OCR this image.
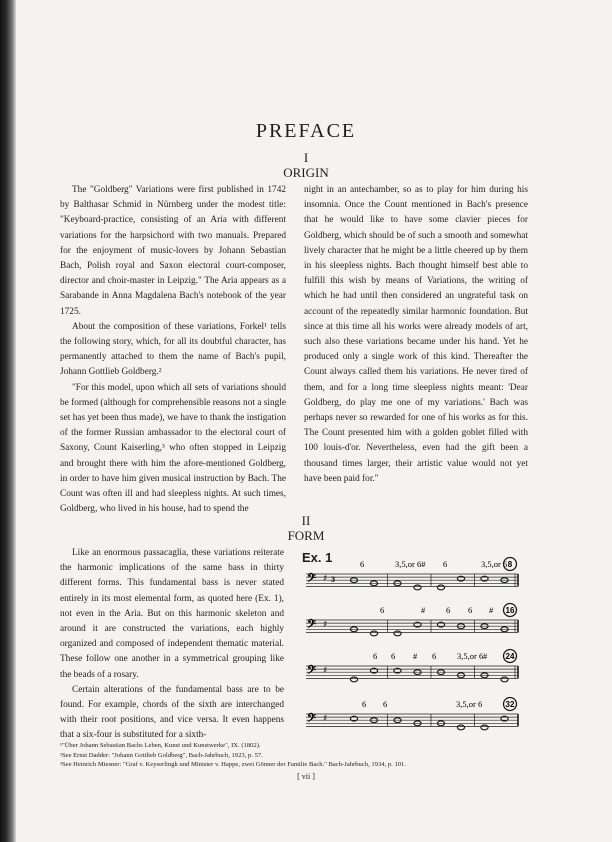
PREFACE
I
ORIGIN

The "Goldberg" Variations were first published in 1742 by Balthasar Schmid in Nürnberg under the modest title: "Keyboard-practice, consisting of an Aria with different variations for the harpsichord with two manuals. Prepared for the enjoyment of music-lovers by Johann Sebastian Bach, Polish royal and Saxon electoral court-composer, director and choir-master in Leipzig." The Aria appears as a Sarabande in Anna Magdalena Bach's notebook of the year 1725.

About the composition of these variations, Forkel¹ tells the following story, which, for all its doubtful character, has permanently attached to them the name of Bach's pupil, Johann Gottlieb Goldberg.²

"For this model, upon which all sets of variations should be formed (although for comprehensible reasons not a single set has yet been thus made), we have to thank the instigation of the former Russian ambassador to the electoral court of Saxony, Count Kaiserling,³ who often stopped in Leipzig and brought there with him the afore-mentioned Goldberg, in order to have him given musical instruction by Bach. The Count was often ill and had sleepless nights. At such times, Goldberg, who lived in his house, had to spend the

night in an antechamber, so as to play for him during his insomnia. Once the Count mentioned in Bach's presence that he would like to have some clavier pieces for Goldberg, which should be of such a smooth and somewhat lively character that he might be a little cheered up by them in his sleepless nights. Bach thought himself best able to fulfill this wish by means of Variations, the writing of which he had until then considered an ungrateful task on account of the repeatedly similar harmonic foundation. But since at this time all his works were already models of art, such also these variations became under his hand. Yet he produced only a single work of this kind. Thereafter the Count always called them his variations. He never tired of them, and for a long time sleepless nights meant: 'Dear Goldberg, do play me one of my variations.' Bach was perhaps never so rewarded for one of his works as for this. The Count presented him with a golden goblet filled with 100 louis-d'or. Nevertheless, even had the gift been a thousand times larger, their artistic value would not yet have been paid for."

II
FORM

Like an enormous passacaglia, these variations reiterate the harmonic implications of the same bass in thirty different forms. This fundamental bass is never stated entirely in its most elemental form, as quoted here (Ex. 1), not even in the Aria. But on this harmonic skeleton and around it are constructed the variations, each highly organized and composed of independent thematic material. These follow one another in a symmetrical grouping like the beads of a rosary.

Certain alterations of the fundamental bass are to be found. For example, chords of the sixth are interchanged with their root positions, and vice versa. It even happens that a six-four is substituted for a sixth-

Ex. 1	6	3,5,or 6# 6	3,5,or 6 8
𝄢 ♯ 3
6	# 6 6 # 16
𝄢 ♯
6 6 # 6 3,5,or 6 # 24
𝄢 ♯
6 6	3,5,or 6	32
𝄢 ♯
¹"Über Johann Sebastian Bachs Leben, Kunst und Kunstwerke", IX. (1802).
²See Ernst Dadder: "Johann Gottlieb Goldberg", Bach-Jahrbuch, 1923, p. 57.
³See Heinrich Miesner: "Graf v. Keyserlingk und Minister v. Happe, zwei Gönner der Familie Bach." Bach-Jahrbuch, 1934, p. 101.
[ vii ]
